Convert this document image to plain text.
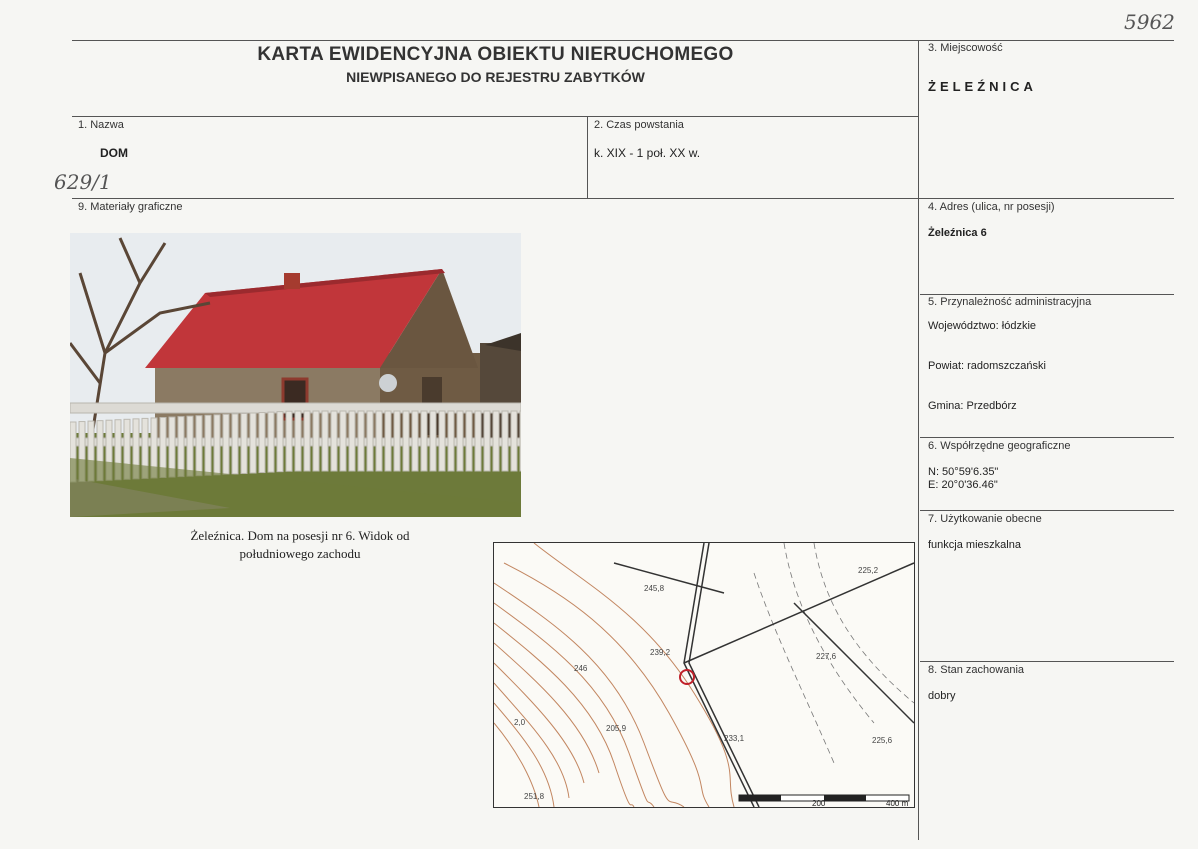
5962
629/1
KARTA EWIDENCYJNA OBIEKTU NIERUCHOMEGO
NIEWPISANEGO DO REJESTRU ZABYTKÓW
1. Nazwa
DOM
2. Czas powstania
k. XIX - 1 poł. XX w.
3. Miejscowość
ŻELEŹNICA
9. Materiały graficzne	4. Adres (ulica, nr posesji)
Żeleźnica 6
5. Przynależność administracyjna
Województwo: łódzkie
Powiat: radomszczański
Gmina: Przedbórz
6. Współrzędne geograficzne
N: 50°59'6.35"
E: 20°0'36.46"
7. Użytkowanie obecne
funkcja mieszkalna
8. Stan zachowania
dobry
Żeleźnica. Dom na posesji nr 6. Widok od
południowego zachodu
225,2
245,8
239,2	227,6
233,1	225,6
2,0
251,8
205,9
246
200	400 m
